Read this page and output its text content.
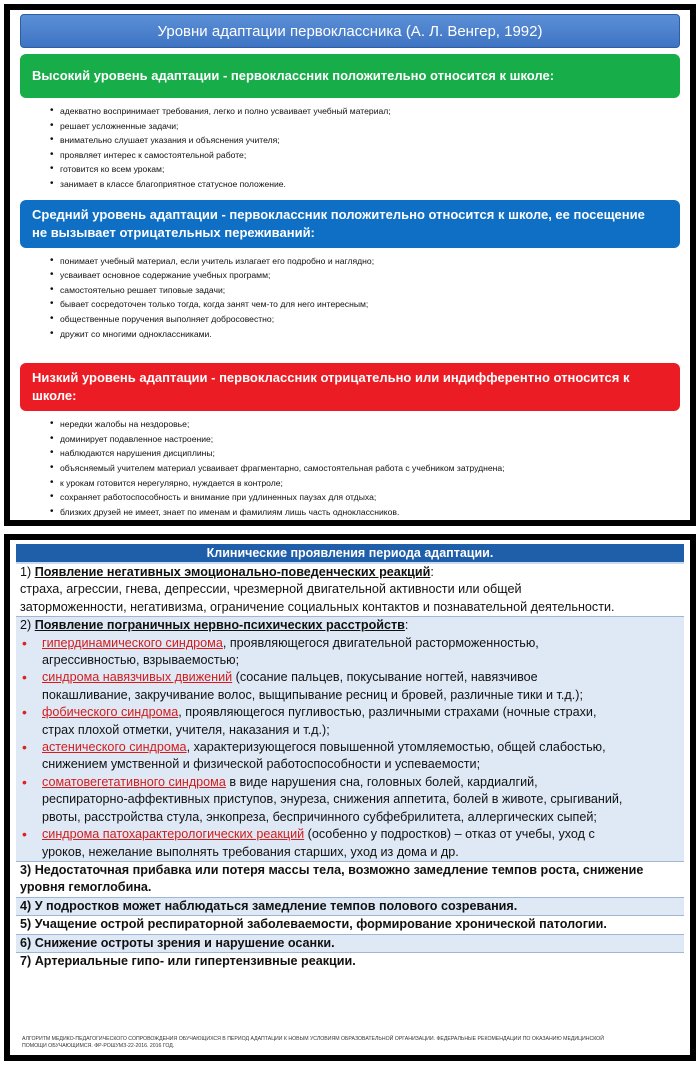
Уровни адаптации первоклассника (А. Л. Венгер, 1992)
Высокий уровень адаптации - первоклассник положительно относится к школе:
• адекватно воспринимает требования, легко и полно усваивает учебный материал;
• решает усложненные задачи;
• внимательно слушает указания и объяснения учителя;
• проявляет интерес к самостоятельной работе;
• готовится ко всем урокам;
• занимает в классе благоприятное статусное положение.
Средний уровень адаптации - первоклассник положительно относится к школе, ее посещение
не вызывает отрицательных переживаний:
• понимает учебный материал, если учитель излагает его подробно и наглядно;
• усваивает основное содержание учебных программ;
• самостоятельно решает типовые задачи;
• бывает сосредоточен только тогда, когда занят чем-то для него интересным;
• общественные поручения выполняет добросовестно;
• дружит со многими одноклассниками.
Низкий уровень адаптации - первоклассник отрицательно или индифферентно относится к
школе:
• нередки жалобы на нездоровье;
• доминирует подавленное настроение;
• наблюдаются нарушения дисциплины;
• объясняемый учителем материал усваивает фрагментарно, самостоятельная работа с учебником затруднена;
• к урокам готовится нерегулярно, нуждается в контроле;
• сохраняет работоспособность и внимание при удлиненных паузах для отдыха;
• близких друзей не имеет, знает по именам и фамилиям лишь часть одноклассников.
Клинические проявления периода адаптации.
1) Появление негативных эмоционально-поведенческих реакций:
страха, агрессии, гнева, депрессии, чрезмерной двигательной активности или общей
заторможенности, негативизма, ограничение социальных контактов и познавательной деятельности.
2) Появление пограничных нервно-психических расстройств:
• гипердинамического синдрома, проявляющегося двигательной расторможенностью,
агрессивностью, взрываемостью;
• синдрома навязчивых движений (сосание пальцев, покусывание ногтей, навязчивое
покашливание, закручивание волос, выщипывание ресниц и бровей, различные тики и т.д.);
• фобического синдрома, проявляющегося пугливостью, различными страхами (ночные страхи,
страх плохой отметки, учителя, наказания и т.д.);
• астенического синдрома, характеризующегося повышенной утомляемостью, общей слабостью,
снижением умственной и физической работоспособности и успеваемости;
• соматовегетативного синдрома в виде нарушения сна, головных болей, кардиалгий,
респираторно-аффективных приступов, энуреза, снижения аппетита, болей в животе, срыгиваний,
рвоты, расстройства стула, энкопреза, беспричинного субфебрилитета, аллергических сыпей;
• синдрома патохарактерологических реакций (особенно у подростков) – отказ от учебы, уход с
уроков, нежелание выполнять требования старших, уход из дома и др.
3) Недостаточная прибавка или потеря массы тела, возможно замедление темпов роста, снижение
уровня гемоглобина.
4) У подростков может наблюдаться замедление темпов полового созревания.
5) Учащение острой респираторной заболеваемости, формирование хронической патологии.
6) Снижение остроты зрения и нарушение осанки.
7) Артериальные гипо- или гипертензивные реакции.
АЛГОРИТМ МЕДИКО-ПЕДАГОГИЧЕСКОГО СОПРОВОЖДЕНИЯ ОБУЧАЮЩИХСЯ В ПЕРИОД АДАПТАЦИИ К НОВЫМ УСЛОВИЯМ ОБРАЗОВАТЕЛЬНОЙ ОРГАНИЗАЦИИ. ФЕДЕРАЛЬНЫЕ РЕКОМЕНДАЦИИ ПО ОКАЗАНИЮ МЕДИЦИНСКОЙ
ПОМОЩИ ОБУЧАЮЩИМСЯ. ФР-РОШУМЗ-22-2016. 2016 ГОД.
